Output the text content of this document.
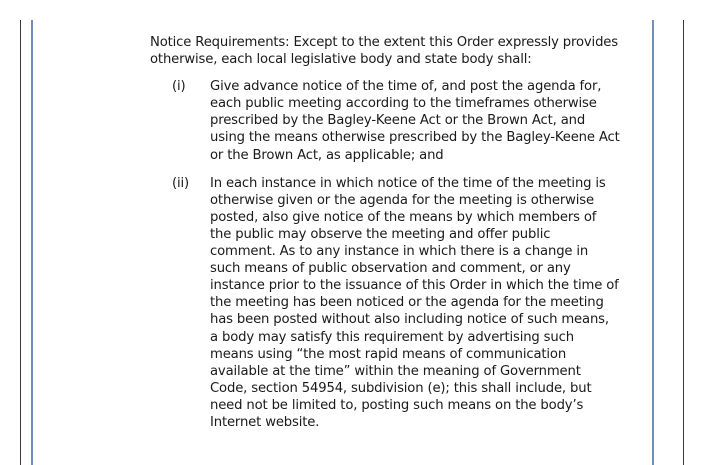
Notice Requirements: Except to the extent this Order expressly provides otherwise, each local legislative body and state body shall:

(i)	Give advance notice of the time of, and post the agenda for, each public meeting according to the timeframes otherwise prescribed by the Bagley-Keene Act or the Brown Act, and using the means otherwise prescribed by the Bagley-Keene Act or the Brown Act, as applicable; and
(ii)	In each instance in which notice of the time of the meeting is otherwise given or the agenda for the meeting is otherwise posted, also give notice of the means by which members of the public may observe the meeting and offer public comment. As to any instance in which there is a change in such means of public observation and comment, or any instance prior to the issuance of this Order in which the time of the meeting has been noticed or the agenda for the meeting has been posted without also including notice of such means, a body may satisfy this requirement by advertising such means using “the most rapid means of communication available at the time” within the meaning of Government Code, section 54954, subdivision (e); this shall include, but need not be limited to, posting such means on the body’s Internet website.
